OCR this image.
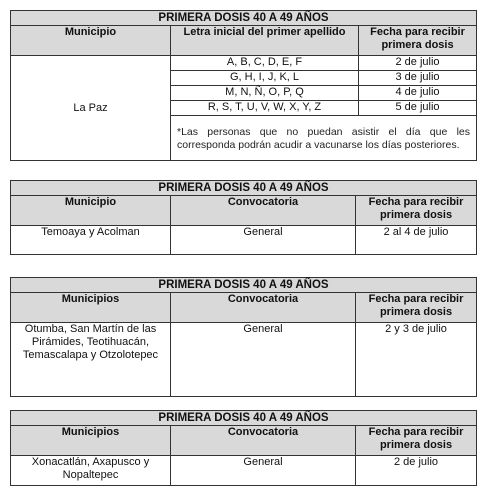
PRIMERA DOSIS 40 A 49 AÑOS		
Municipio	Letra inicial del primer apellido	Fecha para recibir primera dosis
La Paz	A, B, C, D, E, F	2 de julio
	G, H, I, J, K, L	3 de julio
	M, N, Ñ, O, P, Q	4 de julio
	R, S, T, U, V, W, X, Y, Z	5 de julio
	*Las personas que no puedan asistir el día que les corresponda podrán acudir a vacunarse los días posteriores.	
PRIMERA DOSIS 40 A 49 AÑOS		
Municipio	Convocatoria	Fecha para recibir primera dosis
Temoaya y Acolman	General	2 al 4 de julio
PRIMERA DOSIS 40 A 49 AÑOS		
Municipios	Convocatoria	Fecha para recibir primera dosis
Otumba, San Martín de las Pirámides, Teotihuacán, Temascalapa y Otzolotepec	General	2 y 3 de julio
PRIMERA DOSIS 40 A 49 AÑOS		
Municipios	Convocatoria	Fecha para recibir primera dosis
Xonacatlán, Axapusco y Nopaltepec	General	2 de julio
